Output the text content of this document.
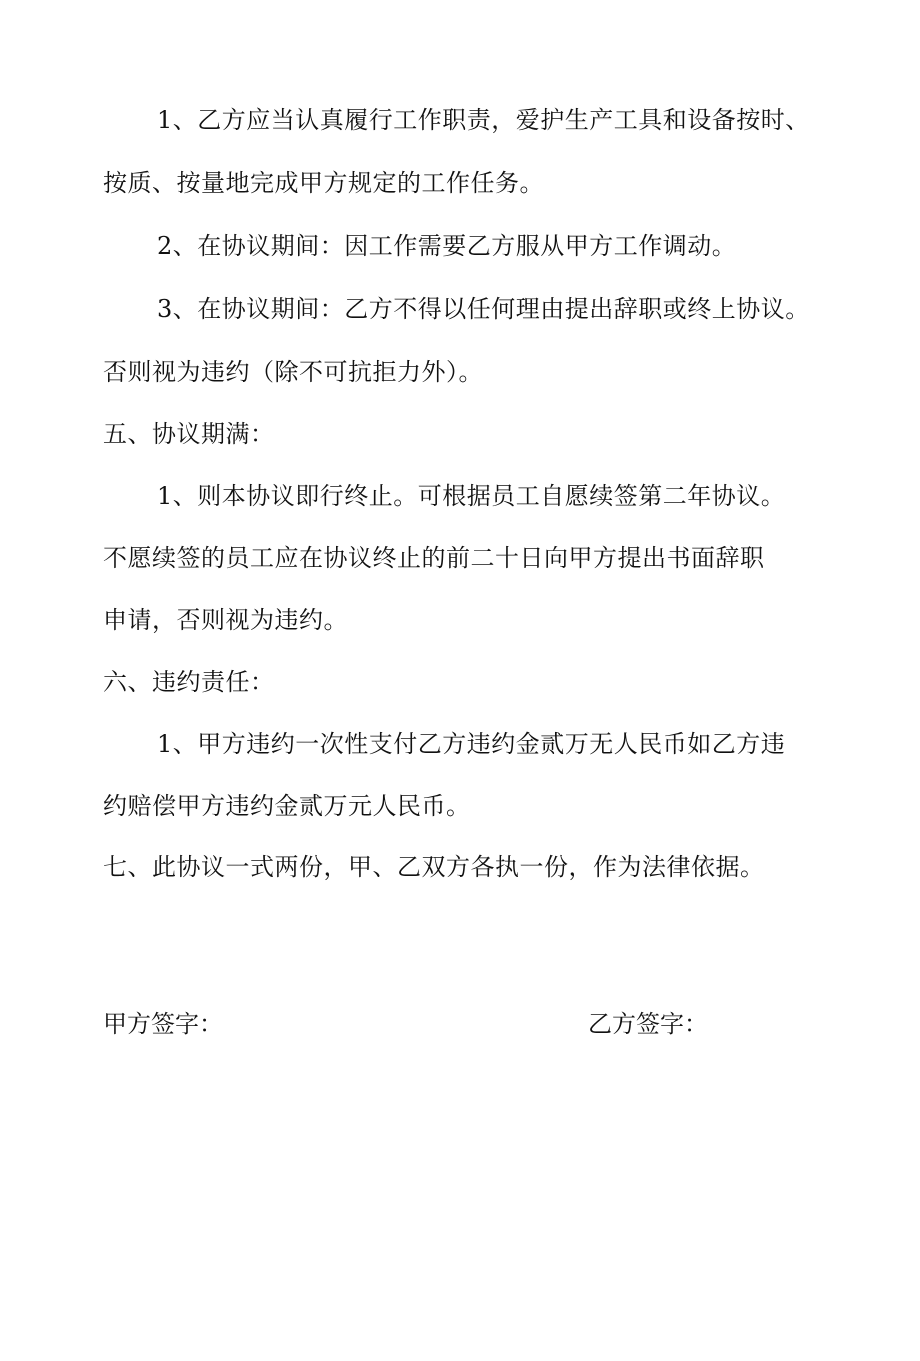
1、乙方应当认真履行工作职责，爱护生产工具和设备按时、
按质、按量地完成甲方规定的工作任务。
2、在协议期间：因工作需要乙方服从甲方工作调动。
3、在协议期间：乙方不得以任何理由提出辞职或终上协议。
否则视为违约（除不可抗拒力外）。
五、协议期满：
1、则本协议即行终止。可根据员工自愿续签第二年协议。
不愿续签的员工应在协议终止的前二十日向甲方提出书面辞职
申请，否则视为违约。
六、违约责任：
1、甲方违约一次性支付乙方违约金贰万无人民币如乙方违
约赔偿甲方违约金贰万元人民币。
七、此协议一式两份，甲、乙双方各执一份，作为法律依据。
甲方签字：	乙方签字：
